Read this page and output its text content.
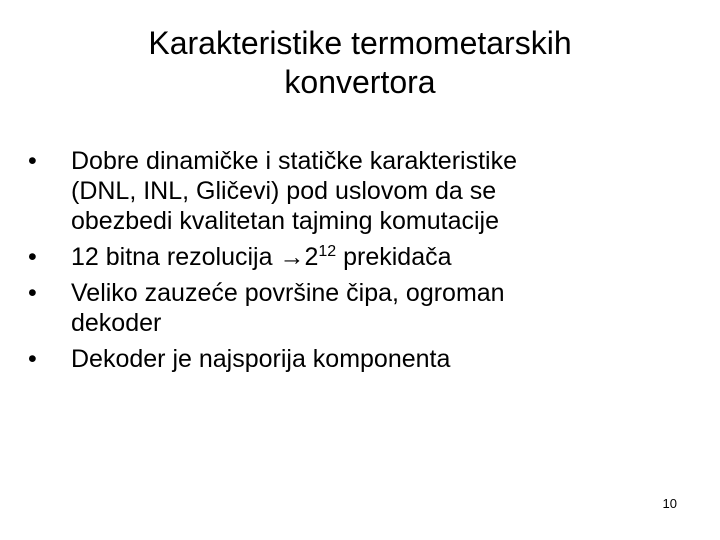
Karakteristike termometarskih
konvertora
•	Dobre dinamičke i statičke karakteristike
(DNL, INL, Gličevi) pod uslovom da se
obezbedi kvalitetan tajming komutacije
•	12 bitna rezolucija $\to 2^{12}$ prekidača
•	Veliko zauzeće površine čipa, ogroman
dekoder
•	Dekoder je najsporija komponenta
10
